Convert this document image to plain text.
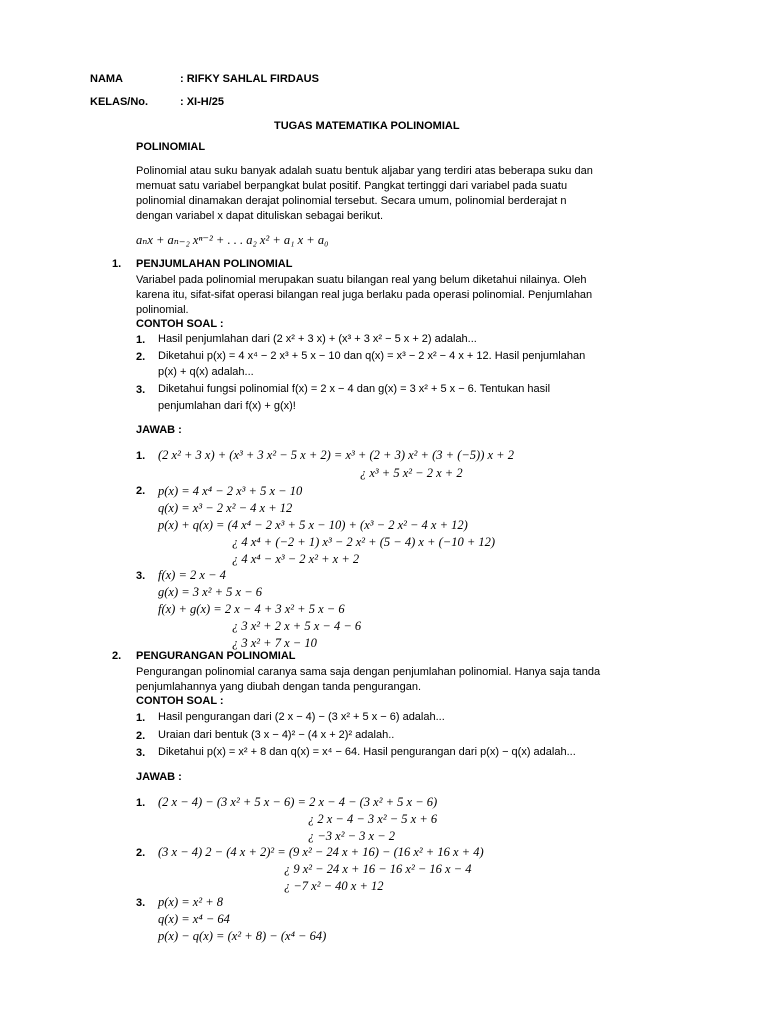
NAMA	: RIFKY SAHLAL FIRDAUS
KELAS/No.	: XI-H/25
TUGAS MATEMATIKA POLINOMIAL
POLINOMIAL
Polinomial atau suku banyak adalah suatu bentuk aljabar yang terdiri atas beberapa suku dan
memuat satu variabel berpangkat bulat positif. Pangkat tertinggi dari variabel pada suatu
polinomial dinamakan derajat polinomial tersebut. Secara umum, polinomial berderajat n
dengan variabel x dapat dituliskan sebagai berikut.
aₙx + aₙ₋₂ xⁿ⁻² + . . . a₂ x² + a₁ x + a₀
1. PENJUMLAHAN POLINOMIAL
Variabel pada polinomial merupakan suatu bilangan real yang belum diketahui nilainya. Oleh
karena itu, sifat-sifat operasi bilangan real juga berlaku pada operasi polinomial. Penjumlahan
polinomial.
CONTOH SOAL :
1. Hasil penjumlahan dari (2 x² + 3 x) + (x³ + 3 x² − 5 x + 2) adalah...
2. Diketahui p(x) = 4 x⁴ − 2 x³ + 5 x − 10 dan q(x) = x³ − 2 x² − 4 x + 12. Hasil penjumlahan
p(x) + q(x) adalah...
3. Diketahui fungsi polinomial f(x) = 2 x − 4 dan g(x) = 3 x² + 5 x − 6. Tentukan hasil
penjumlahan dari f(x) + g(x)!
JAWAB :
1. (2 x² + 3 x) + (x³ + 3 x² − 5 x + 2) = x³ + (2 + 3) x² + (3 + (−5)) x + 2
¿ x³ + 5 x² − 2 x + 2
2. p(x) = 4 x⁴ − 2 x³ + 5 x − 10
q(x) = x³ − 2 x² − 4 x + 12
p(x) + q(x) = (4 x⁴ − 2 x³ + 5 x − 10) + (x³ − 2 x² − 4 x + 12)
¿ 4 x⁴ + (−2 + 1) x³ − 2 x² + (5 − 4) x + (−10 + 12)
¿ 4 x⁴ − x³ − 2 x² + x + 2
3. f(x) = 2 x − 4
g(x) = 3 x² + 5 x − 6
f(x) + g(x) = 2 x − 4 + 3 x² + 5 x − 6
¿ 3 x² + 2 x + 5 x − 4 − 6
¿ 3 x² + 7 x − 10
2. PENGURANGAN POLINOMIAL
Pengurangan polinomial caranya sama saja dengan penjumlahan polinomial. Hanya saja tanda
penjumlahannya yang diubah dengan tanda pengurangan.
CONTOH SOAL :
1. Hasil pengurangan dari (2 x − 4) − (3 x² + 5 x − 6) adalah...
2. Uraian dari bentuk (3 x − 4)² − (4 x + 2)² adalah..
3. Diketahui p(x) = x² + 8 dan q(x) = x⁴ − 64. Hasil pengurangan dari p(x) − q(x) adalah...
JAWAB :
1. (2 x − 4) − (3 x² + 5 x − 6) = 2 x − 4 − (3 x² + 5 x − 6)
¿ 2 x − 4 − 3 x² − 5 x + 6
¿ −3 x² − 3 x − 2
2. (3 x − 4) 2 − (4 x + 2)² = (9 x² − 24 x + 16) − (16 x² + 16 x + 4)
¿ 9 x² − 24 x + 16 − 16 x² − 16 x − 4
¿ −7 x² − 40 x + 12
3. p(x) = x² + 8
q(x) = x⁴ − 64
p(x) − q(x) = (x² + 8) − (x⁴ − 64)
